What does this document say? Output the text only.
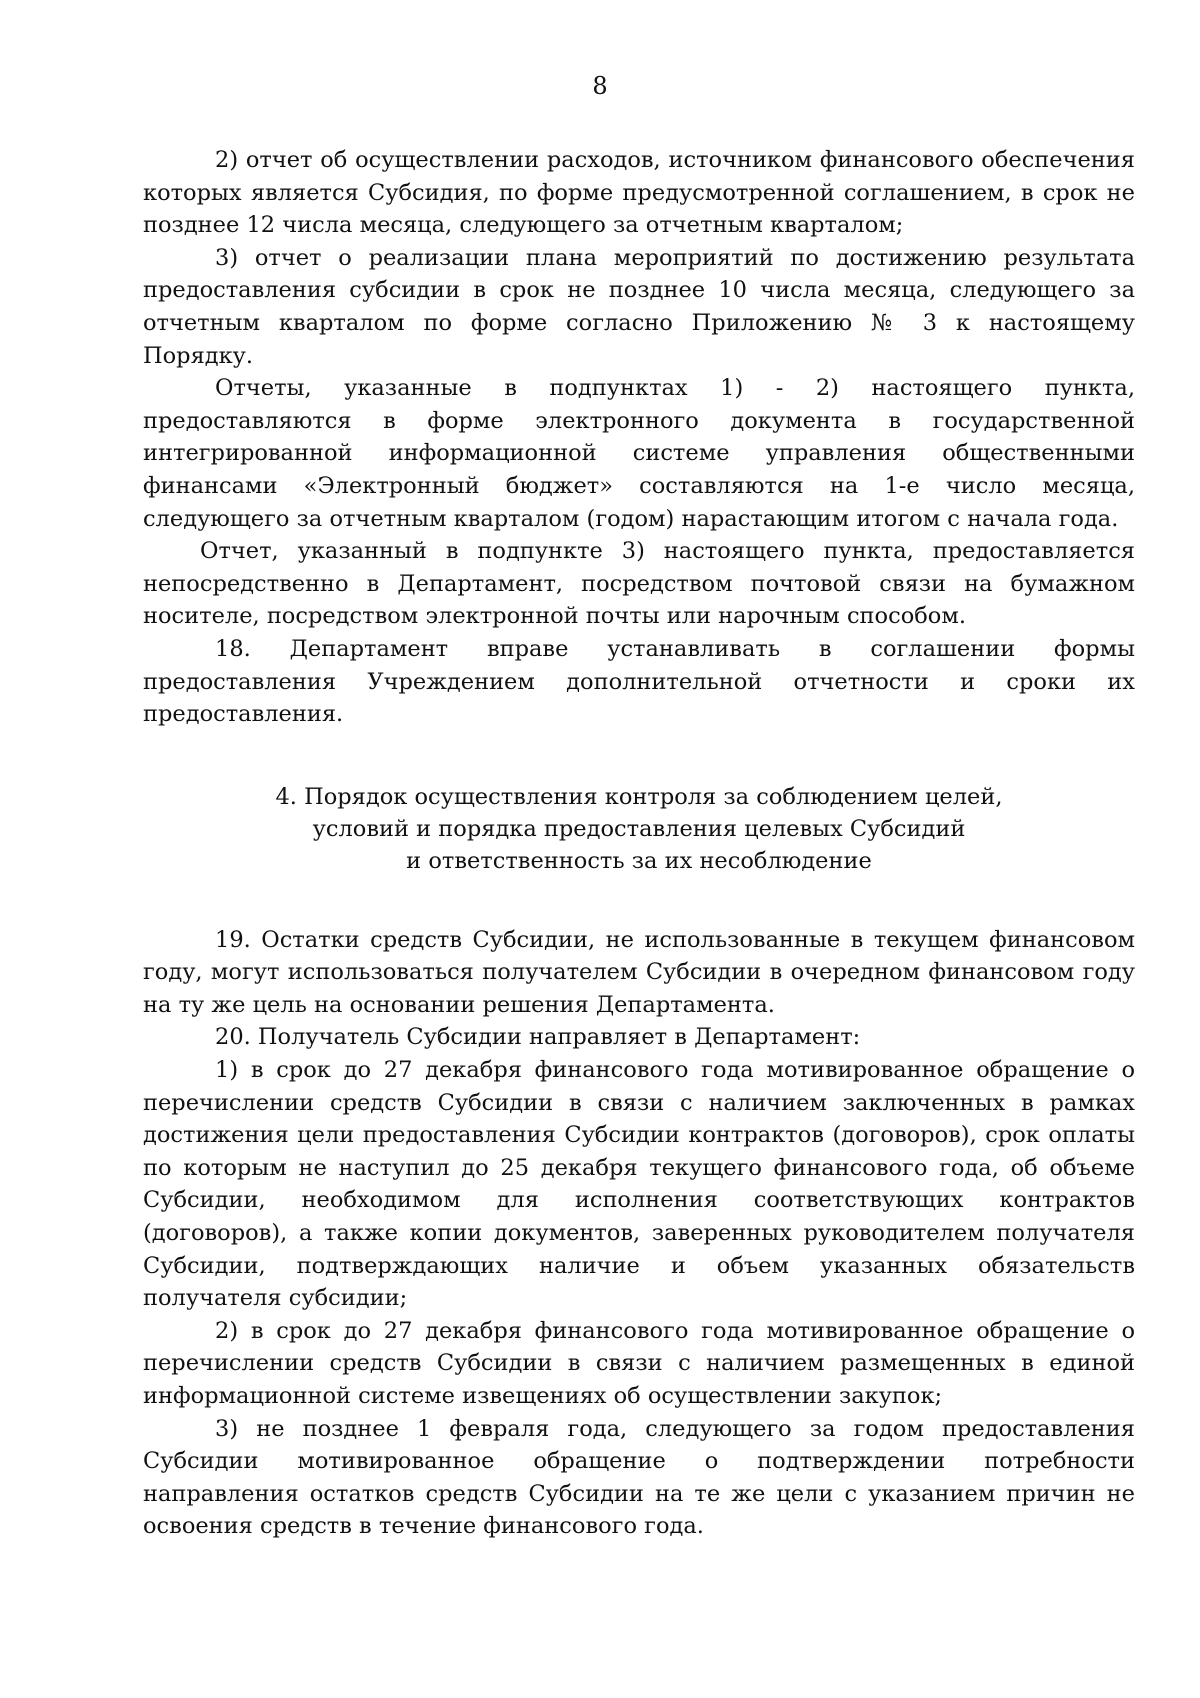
8

2) отчет об осуществлении расходов, источником финансового обеспечения которых является Субсидия, по форме предусмотренной соглашением, в срок не позднее 12 числа месяца, следующего за отчетным кварталом;

3) отчет о реализации плана мероприятий по достижению результата предоставления субсидии в срок не позднее 10 числа месяца, следующего за отчетным кварталом по форме согласно Приложению № 3 к настоящему Порядку.

Отчеты, указанные в подпунктах 1) - 2) настоящего пункта, предоставляются в форме электронного документа в государственной интегрированной информационной системе управления общественными финансами «Электронный бюджет» составляются на 1-е число месяца, следующего за отчетным кварталом (годом) нарастающим итогом с начала года.

Отчет, указанный в подпункте 3) настоящего пункта, предоставляется непосредственно в Департамент, посредством почтовой связи на бумажном носителе, посредством электронной почты или нарочным способом.

18. Департамент вправе устанавливать в соглашении формы предоставления Учреждением дополнительной отчетности и сроки их предоставления.

4. Порядок осуществления контроля за соблюдением целей,
условий и порядка предоставления целевых Субсидий
и ответственность за их несоблюдение

19. Остатки средств Субсидии, не использованные в текущем финансовом году, могут использоваться получателем Субсидии в очередном финансовом году на ту же цель на основании решения Департамента.

20. Получатель Субсидии направляет в Департамент:

1) в срок до 27 декабря финансового года мотивированное обращение о перечислении средств Субсидии в связи с наличием заключенных в рамках достижения цели предоставления Субсидии контрактов (договоров), срок оплаты по которым не наступил до 25 декабря текущего финансового года, об объеме Субсидии, необходимом для исполнения соответствующих контрактов (договоров), а также копии документов, заверенных руководителем получателя Субсидии, подтверждающих наличие и объем указанных обязательств получателя субсидии;

2) в срок до 27 декабря финансового года мотивированное обращение о перечислении средств Субсидии в связи с наличием размещенных в единой информационной системе извещениях об осуществлении закупок;

3) не позднее 1 февраля года, следующего за годом предоставления Субсидии мотивированное обращение о подтверждении потребности направления остатков средств Субсидии на те же цели с указанием причин не освоения средств в течение финансового года.
